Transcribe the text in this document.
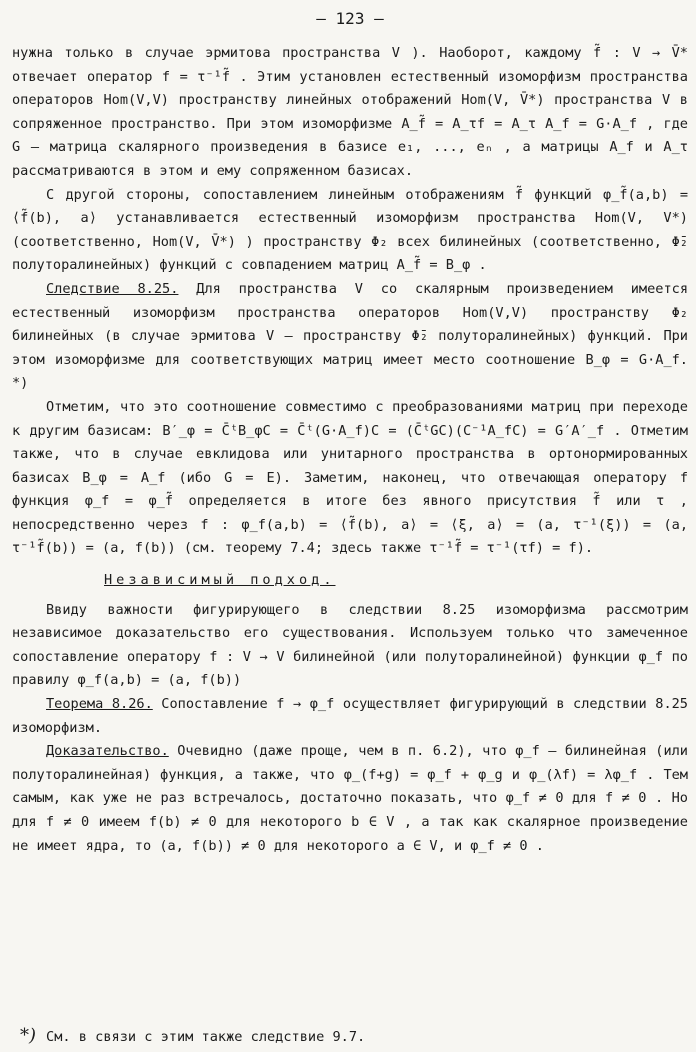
– 123 –

нужна только в случае эрмитова пространства V ). Наоборот, каждому f̃ : V → V̄* отвечает оператор f = τ⁻¹f̃ . Этим установлен естественный изоморфизм пространства операторов Hom(V,V) пространству линейных отображений Hom(V, V̄*) пространства V в сопряженное пространство. При этом изоморфизме A_f̃ = A_τf = A_τ A_f = G·A_f , где G – матрица скалярного произведения в базисе e₁, ..., eₙ , а матрицы A_f и A_τ рассматриваются в этом и ему сопряженном базисах.

С другой стороны, сопоставлением линейным отображениям f̃ функций φ_f̃(a,b) = ⟨f̃(b), a⟩ устанавливается естественный изоморфизм пространства Hom(V, V*) (соответственно, Hom(V, V̄*) ) пространству Φ₂ всех билинейных (соответственно, Φ̄₂ полуторалинейных) функций с совпадением матриц A_f̃ = B_φ .

Следствие 8.25. Для пространства V со скалярным произведением имеется естественный изоморфизм пространства операторов Hom(V,V) пространству Φ₂ билинейных (в случае эрмитова V – пространству Φ̄₂ полуторалинейных) функций. При этом изоморфизме для соответствующих матриц имеет место соотношение B_φ = G·A_f. *)

Отметим, что это соотношение совместимо с преобразованиями матриц при переходе к другим базисам: B′_φ = C̄ᵗB_φC = C̄ᵗ(G·A_f)C = (C̄ᵗGC)(C⁻¹A_fC) = G′A′_f . Отметим также, что в случае евклидова или унитарного пространства в ортонормированных базисах B_φ = A_f (ибо G = E). Заметим, наконец, что отвечающая оператору f функция φ_f = φ_f̃ определяется в итоге без явного присутствия f̃ или τ , непосредственно через f : φ_f(a,b) = ⟨f̃(b), a⟩ = ⟨ξ, a⟩ = (a, τ⁻¹(ξ)) = (a, τ⁻¹f̃(b)) = (a, f(b)) (см. теорему 7.4; здесь также τ⁻¹f̃ = τ⁻¹(τf) = f).

Независимый подход.

Ввиду важности фигурирующего в следствии 8.25 изоморфизма рассмотрим независимое доказательство его существования. Используем только что замеченное сопоставление оператору f : V → V билинейной (или полуторалинейной) функции φ_f по правилу φ_f(a,b) = (a, f(b))

Теорема 8.26. Сопоставление f → φ_f осуществляет фигурирующий в следствии 8.25 изоморфизм.

Доказательство. Очевидно (даже проще, чем в п. 6.2), что φ_f – билинейная (или полуторалинейная) функция, а также, что φ_(f+g) = φ_f + φ_g и φ_(λf) = λφ_f . Тем самым, как уже не раз встречалось, достаточно показать, что φ_f ≠ 0 для f ≠ 0 . Но для f ≠ 0 имеем f(b) ≠ 0 для некоторого b ∈ V , а так как скалярное произведение не имеет ядра, то (a, f(b)) ≠ 0 для некоторого a ∈ V, и φ_f ≠ 0 .

*) См. в связи с этим также следствие 9.7.
